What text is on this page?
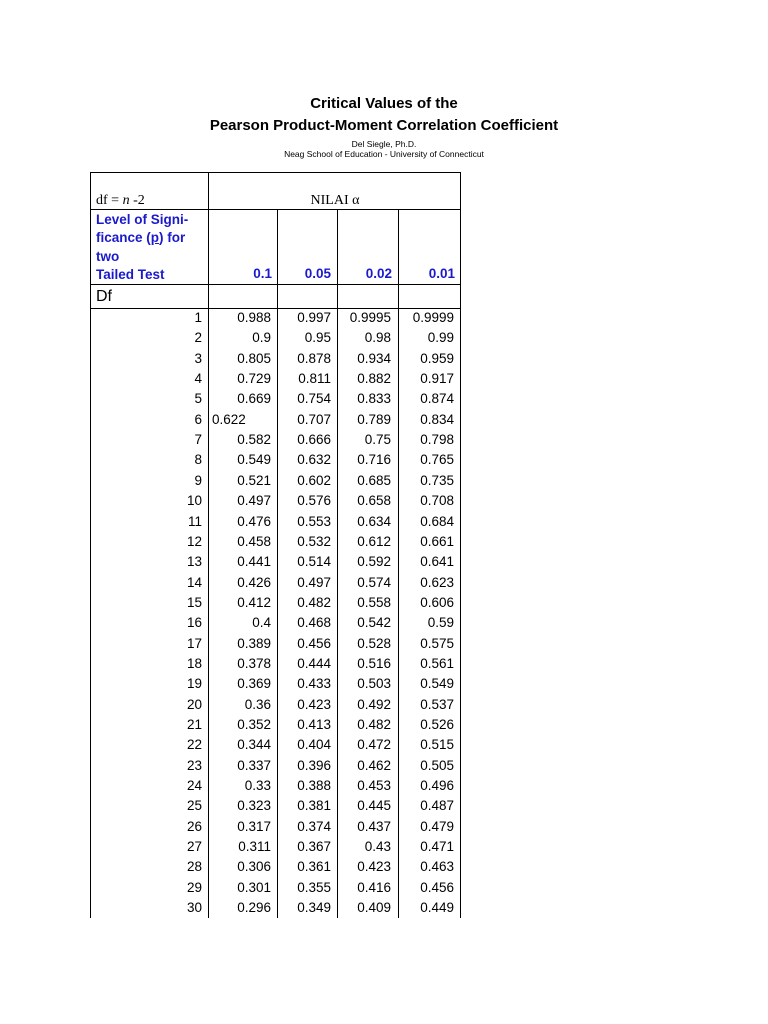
Critical Values of the
Pearson Product-Moment Correlation Coefficient
Del Siegle, Ph.D.
Neag School of Education - University of Connecticut
df = n -2	NILAI α
Level of Signi-
ficance (p) for
two
Tailed Test	0.1	0.05	0.02	0.01
Df
1	0.988	0.997	0.9995	0.9999
2	0.9	0.95	0.98	0.99
3	0.805	0.878	0.934	0.959
4	0.729	0.811	0.882	0.917
5	0.669	0.754	0.833	0.874
6 0.622	0.707	0.789	0.834
7	0.582	0.666	0.75	0.798
8	0.549	0.632	0.716	0.765
9	0.521	0.602	0.685	0.735
10	0.497	0.576	0.658	0.708
11	0.476	0.553	0.634	0.684
12	0.458	0.532	0.612	0.661
13	0.441	0.514	0.592	0.641
14	0.426	0.497	0.574	0.623
15	0.412	0.482	0.558	0.606
16	0.4	0.468	0.542	0.59
17	0.389	0.456	0.528	0.575
18	0.378	0.444	0.516	0.561
19	0.369	0.433	0.503	0.549
20	0.36	0.423	0.492	0.537
21	0.352	0.413	0.482	0.526
22	0.344	0.404	0.472	0.515
23	0.337	0.396	0.462	0.505
24	0.33	0.388	0.453	0.496
25	0.323	0.381	0.445	0.487
26	0.317	0.374	0.437	0.479
27	0.311	0.367	0.43	0.471
28	0.306	0.361	0.423	0.463
29	0.301	0.355	0.416	0.456
30	0.296	0.349	0.409	0.449
